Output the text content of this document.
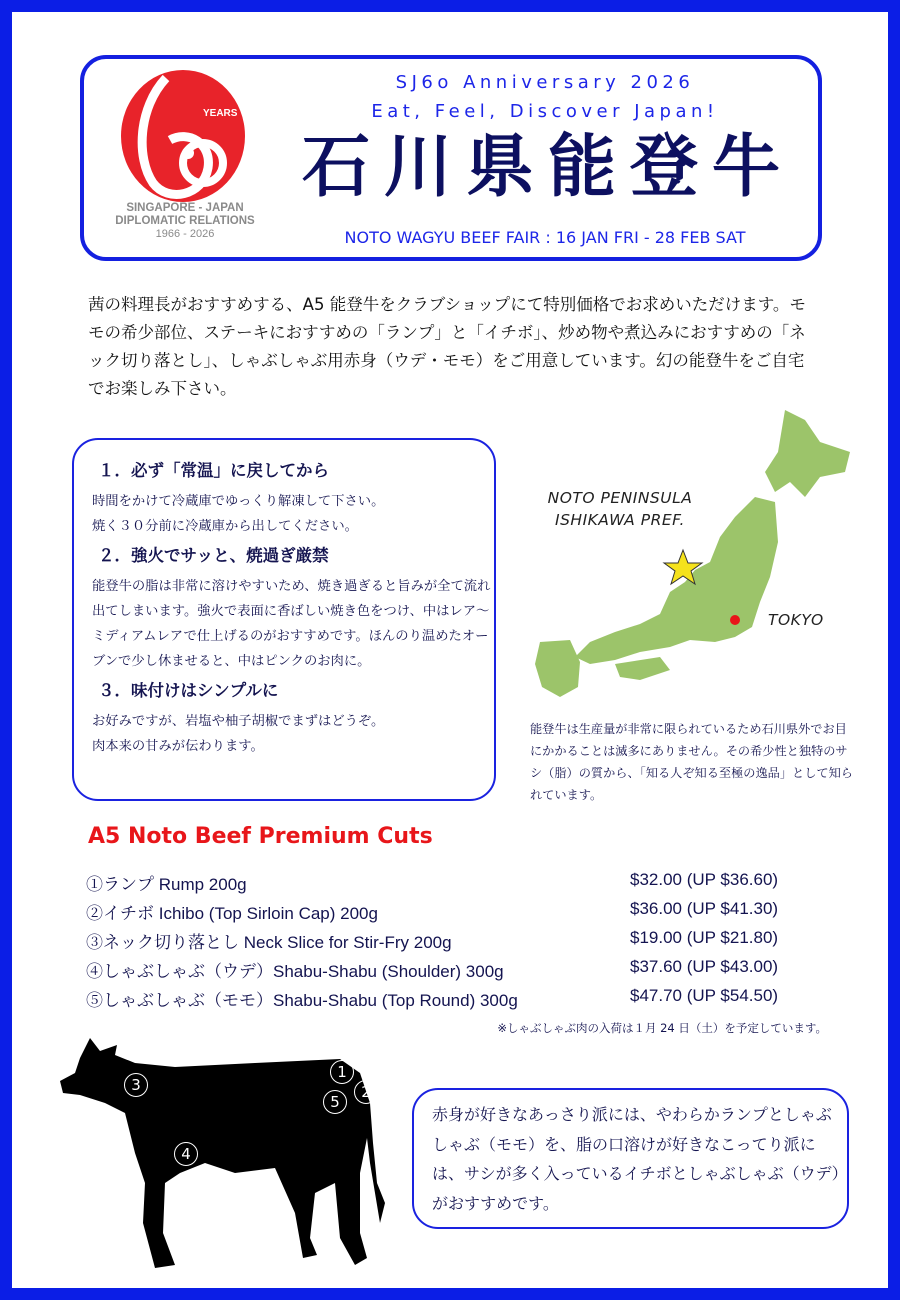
YEARS
SINGAPORE - JAPAN
DIPLOMATIC RELATIONS
1966 - 2026
SJ6o Anniversary 2026
Eat, Feel, Discover Japan!
石川県能登牛
NOTO WAGYU BEEF FAIR : 16 JAN FRI - 28 FEB SAT
茜の料理長がおすすめする、A5 能登牛をクラブショップにて特別価格でお求めいただけます。モモの希少部位、ステーキにおすすめの「ランプ」と「イチボ」、炒め物や煮込みにおすすめの「ネック切り落とし」、しゃぶしゃぶ用赤身（ウデ・モモ）をご用意しています。幻の能登牛をご自宅でお楽しみ下さい。
１．必ず「常温」に戻してから

時間をかけて冷蔵庫でゆっくり解凍して下さい。
焼く３０分前に冷蔵庫から出してください。

２．強火でサッと、焼過ぎ厳禁

能登牛の脂は非常に溶けやすいため、焼き過ぎると旨みが全て流れ出てしまいます。強火で表面に香ばしい焼き色をつけ、中はレア～ミディアムレアで仕上げるのがおすすめです。ほんのり温めたオーブンで少し休ませると、中はピンクのお肉に。

３．味付けはシンプルに

お好みですが、岩塩や柚子胡椒でまずはどうぞ。
肉本来の甘みが伝わります。

NOTO PENINSULA
ISHIKAWA PREF.
TOKYO
能登牛は生産量が非常に限られているため石川県外でお目にかかることは滅多にありません。その希少性と独特のサシ（脂）の質から、「知る人ぞ知る至極の逸品」として知られています。
A5 Noto Beef Premium Cuts
①ランプ Rump 200g	$32.00 (UP $36.60)
②イチボ Ichibo (Top Sirloin Cap) 200g	$36.00 (UP $41.30)
③ネック切り落とし Neck Slice for Stir-Fry 200g	$19.00 (UP $21.80)
④しゃぶしゃぶ（ウデ）Shabu-Shabu (Shoulder) 300g	$37.60 (UP $43.00)
⑤しゃぶしゃぶ（モモ）Shabu-Shabu (Top Round) 300g	$47.70 (UP $54.50)
※しゃぶしゃぶ肉の入荷は１月 24 日（土）を予定しています。
1
2
3
4
5
赤身が好きなあっさり派には、やわらかランプとしゃぶしゃぶ（モモ）を、脂の口溶けが好きなこってり派には、サシが多く入っているイチボとしゃぶしゃぶ（ウデ）がおすすめです。
